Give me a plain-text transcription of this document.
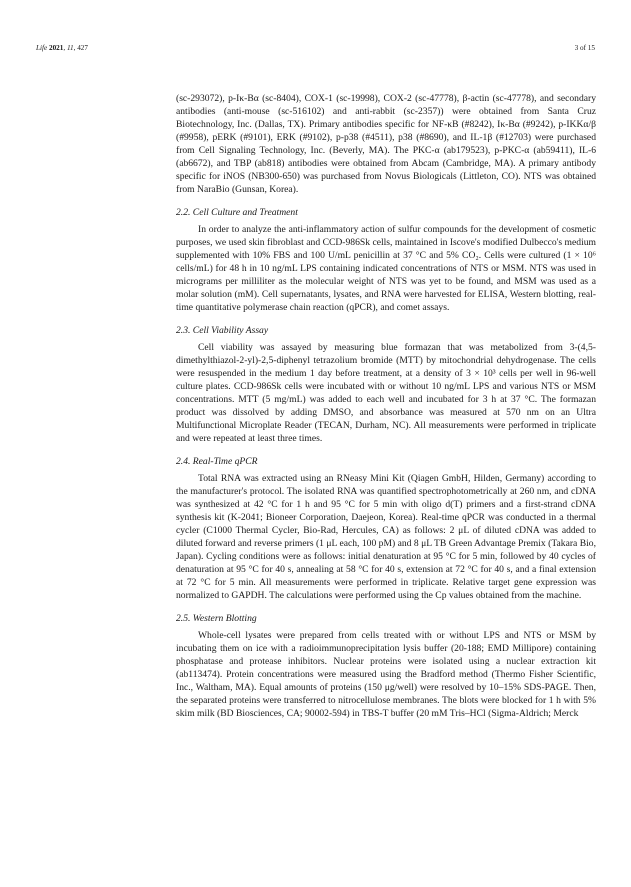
Life 2021, 11, 427	3 of 15

(sc-293072), p-Iκ-Bα (sc-8404), COX-1 (sc-19998), COX-2 (sc-47778), β-actin (sc-47778), and secondary antibodies (anti-mouse (sc-516102) and anti-rabbit (sc-2357)) were obtained from Santa Cruz Biotechnology, Inc. (Dallas, TX). Primary antibodies specific for NF-κB (#8242), Iκ-Bα (#9242), p-IKKα/β (#9958), pERK (#9101), ERK (#9102), p-p38 (#4511), p38 (#8690), and IL-1β (#12703) were purchased from Cell Signaling Technology, Inc. (Beverly, MA). The PKC-α (ab179523), p-PKC-α (ab59411), IL-6 (ab6672), and TBP (ab818) antibodies were obtained from Abcam (Cambridge, MA). A primary antibody specific for iNOS (NB300-650) was purchased from Novus Biologicals (Littleton, CO). NTS was obtained from NaraBio (Gunsan, Korea).

2.2. Cell Culture and Treatment

In order to analyze the anti-inflammatory action of sulfur compounds for the development of cosmetic purposes, we used skin fibroblast and CCD-986Sk cells, maintained in Iscove's modified Dulbecco's medium supplemented with 10% FBS and 100 U/mL penicillin at 37 °C and 5% CO₂. Cells were cultured (1 × 10⁶ cells/mL) for 48 h in 10 ng/mL LPS containing indicated concentrations of NTS or MSM. NTS was used in micrograms per milliliter as the molecular weight of NTS was yet to be found, and MSM was used as a molar solution (mM). Cell supernatants, lysates, and RNA were harvested for ELISA, Western blotting, real-time quantitative polymerase chain reaction (qPCR), and comet assays.

2.3. Cell Viability Assay

Cell viability was assayed by measuring blue formazan that was metabolized from 3-(4,5-dimethylthiazol-2-yl)-2,5-diphenyl tetrazolium bromide (MTT) by mitochondrial dehydrogenase. The cells were resuspended in the medium 1 day before treatment, at a density of 3 × 10³ cells per well in 96-well culture plates. CCD-986Sk cells were incubated with or without 10 ng/mL LPS and various NTS or MSM concentrations. MTT (5 mg/mL) was added to each well and incubated for 3 h at 37 °C. The formazan product was dissolved by adding DMSO, and absorbance was measured at 570 nm on an Ultra Multifunctional Microplate Reader (TECAN, Durham, NC). All measurements were performed in triplicate and were repeated at least three times.

2.4. Real-Time qPCR

Total RNA was extracted using an RNeasy Mini Kit (Qiagen GmbH, Hilden, Germany) according to the manufacturer's protocol. The isolated RNA was quantified spectrophotometrically at 260 nm, and cDNA was synthesized at 42 °C for 1 h and 95 °C for 5 min with oligo d(T) primers and a first-strand cDNA synthesis kit (K-2041; Bioneer Corporation, Daejeon, Korea). Real-time qPCR was conducted in a thermal cycler (C1000 Thermal Cycler, Bio-Rad, Hercules, CA) as follows: 2 μL of diluted cDNA was added to diluted forward and reverse primers (1 μL each, 100 pM) and 8 μL TB Green Advantage Premix (Takara Bio, Japan). Cycling conditions were as follows: initial denaturation at 95 °C for 5 min, followed by 40 cycles of denaturation at 95 °C for 40 s, annealing at 58 °C for 40 s, extension at 72 °C for 40 s, and a final extension at 72 °C for 5 min. All measurements were performed in triplicate. Relative target gene expression was normalized to GAPDH. The calculations were performed using the Cp values obtained from the machine.

2.5. Western Blotting

Whole-cell lysates were prepared from cells treated with or without LPS and NTS or MSM by incubating them on ice with a radioimmunoprecipitation lysis buffer (20-188; EMD Millipore) containing phosphatase and protease inhibitors. Nuclear proteins were isolated using a nuclear extraction kit (ab113474). Protein concentrations were measured using the Bradford method (Thermo Fisher Scientific, Inc., Waltham, MA). Equal amounts of proteins (150 μg/well) were resolved by 10–15% SDS-PAGE. Then, the separated proteins were transferred to nitrocellulose membranes. The blots were blocked for 1 h with 5% skim milk (BD Biosciences, CA; 90002-594) in TBS-T buffer (20 mM Tris–HCl (Sigma-Aldrich; Merck
